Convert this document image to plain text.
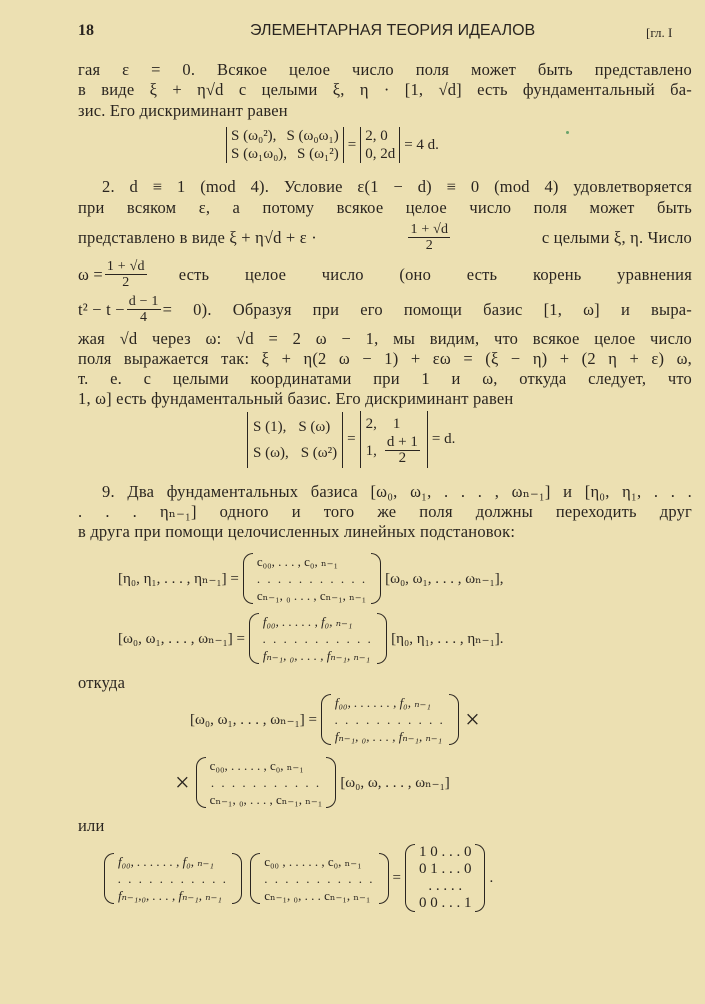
18	ЭЛЕМЕНТАРНАЯ ТЕОРИЯ ИДЕАЛОВ	[гл. I
гая ε = 0. Всякое целое число поля может быть представлено
в виде ξ + η√d с целыми ξ, η · [1, √d] есть фундаментальный ба-
зис. Его дискриминант равен
S (ω₀²), S (ω₀ω₁)
S (ω₁ω₀), S (ω₁²)
=
2, 0
0, 2d
= 4 d.
2. d ≡ 1 (mod 4). Условие ε(1 − d) ≡ 0 (mod 4) удовлетворяется
при всяком ε, а потому всякое целое число поля может быть
представлено в виде ξ + η√d + ε ·	$\frac{1 + √d}{2}$	с целыми ξ, η. Число
$\omega = \frac{1 + √d}{2}$ есть целое число (оно есть корень уравнения
$t^2 - t - \frac{d - 1}{4} = 0$). Образуя при его помощи базис [1, ω] и выра-
жая √d через ω: √d = 2 ω − 1, мы видим, что всякое целое число
поля выражается так: ξ + η(2 ω − 1) + εω = (ξ − η) + (2 η + ε) ω,
т. е. с целыми координатами при 1 и ω, откуда следует, что
1, ω] есть фундаментальный базис. Его дискриминант равен
S (1), S (ω)
S (ω), S (ω²)
=
2, 1
1, $\frac{d + 1}{2} = d$.
9. Два фундаментальных базиса [ω₀, ω₁, . . . , ωₙ₋₁] и [η₀, η₁, . . .
. . . ηₙ₋₁] одного и того же поля должны переходить друг
в друга при помощи целочисленных линейных подстановок:
[η₀, η₁, . . . , ηₙ₋₁] =
c₀₀, . . . , c₀, ₙ₋₁
. . . . . . . . . . .
cₙ₋₁, ₀ . . . , cₙ₋₁, ₙ₋₁
[ω₀, ω₁, . . . , ωₙ₋₁],
[ω₀, ω₁, . . . , ωₙ₋₁] =
f₀₀, . . . . . , f₀, ₙ₋₁
. . . . . . . . . . .
fₙ₋₁, ₀, . . . , fₙ₋₁, ₙ₋₁
[η₀, η₁, . . . , ηₙ₋₁].
откуда
[ω₀, ω₁, . . . , ωₙ₋₁] =
f₀₀, . . . . . . , f₀, ₙ₋₁
. . . . . . . . . . .
fₙ₋₁, ₀, . . . , fₙ₋₁, ₙ₋₁
×
×
c₀₀, . . . . . , c₀, ₙ₋₁
. . . . . . . . . . .
cₙ₋₁, ₀, . . . , cₙ₋₁, ₙ₋₁
[ω₀, ω, . . . , ωₙ₋₁]
или
f₀₀, . . . . . . , f₀, ₙ₋₁
. . . . . . . . . . .
fₙ₋₁,₀, . . . , fₙ₋₁, ₙ₋₁
c₀₀ , . . . . . , c₀, ₙ₋₁
. . . . . . . . . . .
cₙ₋₁, ₀, . . . cₙ₋₁, ₙ₋₁
=
1 0 . . . 0
0 1 . . . 0
. . . . .
0 0 . . . 1
.
